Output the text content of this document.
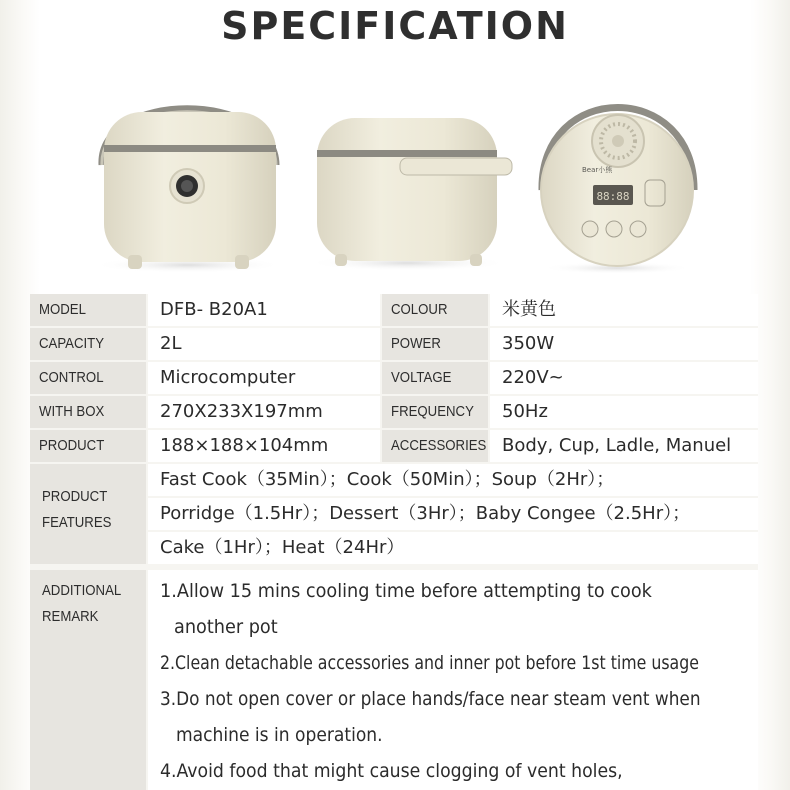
SPECIFICATION
88:88
Bear小熊
MODEL	DFB- B20A1	COLOUR	米黄色
CAPACITY	2L	POWER	350W
CONTROL	Microcomputer	VOLTAGE	220V~
WITH BOX	270X233X197mm	FREQUENCY	50Hz
PRODUCT	188×188×104mm	ACCESSORIES Body, Cup, Ladle, Manuel
PRODUCT
FEATURES
Fast Cook（35Min）；Cook（50Min）；Soup（2Hr）；
Porridge（1.5Hr）；Dessert（3Hr）；Baby Congee（2.5Hr）；
Cake（1Hr）；Heat（24Hr）
ADDITIONAL
REMARK
1.Allow 15 mins cooling time before attempting to cook
another pot
2.Clean detachable accessories and inner pot before 1st time usage
3.Do not open cover or place hands/face near steam vent when
machine is in operation.
4.Avoid food that might cause clogging of vent holes,
